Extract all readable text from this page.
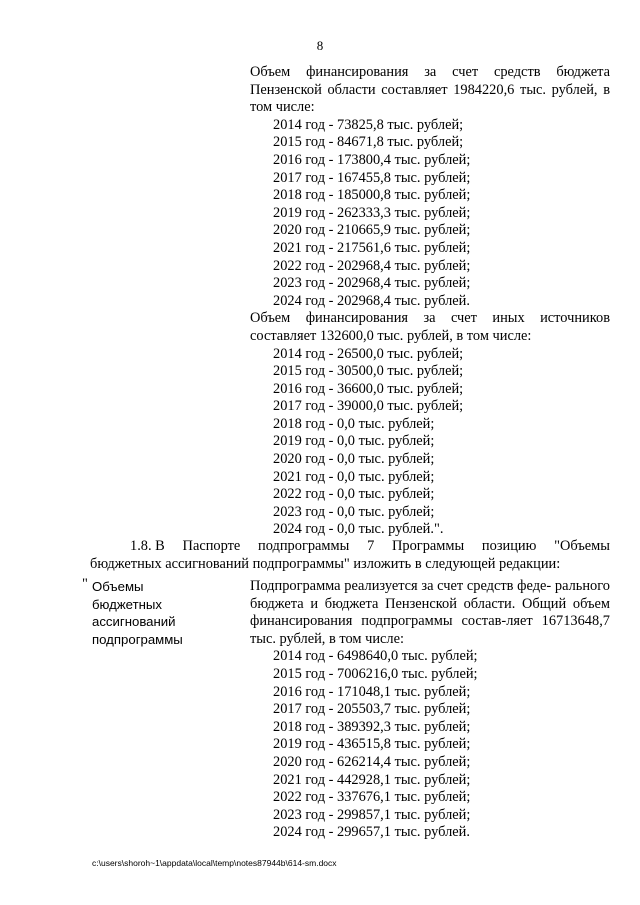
8
Объем финансирования за счет средств бюджета Пензенской области составляет 1984220,6 тыс. рублей, в том числе:
2014 год - 73825,8 тыс. рублей;
2015 год - 84671,8 тыс. рублей;
2016 год - 173800,4 тыс. рублей;
2017 год - 167455,8 тыс. рублей;
2018 год - 185000,8 тыс. рублей;
2019 год - 262333,3 тыс. рублей;
2020 год - 210665,9 тыс. рублей;
2021 год - 217561,6 тыс. рублей;
2022 год - 202968,4 тыс. рублей;
2023 год - 202968,4 тыс. рублей;
2024 год - 202968,4 тыс. рублей.
Объем финансирования за счет иных источников составляет 132600,0 тыс. рублей, в том числе:
2014 год - 26500,0 тыс. рублей;
2015 год - 30500,0 тыс. рублей;
2016 год - 36600,0 тыс. рублей;
2017 год - 39000,0 тыс. рублей;
2018 год - 0,0 тыс. рублей;
2019 год - 0,0 тыс. рублей;
2020 год - 0,0 тыс. рублей;
2021 год - 0,0 тыс. рублей;
2022 год - 0,0 тыс. рублей;
2023 год - 0,0 тыс. рублей;
2024 год - 0,0 тыс. рублей.".
1.8. В Паспорте подпрограммы 7 Программы позицию "Объемы
бюджетных ассигнований подпрограммы" изложить в следующей редакции:
" Объемы
бюджетных
ассигнований
подпрограммы
Подпрограмма реализуется за счет средств феде- рального бюджета и бюджета Пензенской области. Общий объем финансирования подпрограммы состав-ляет 16713648,7 тыс. рублей, в том числе:
2014 год - 6498640,0 тыс. рублей;
2015 год - 7006216,0 тыс. рублей;
2016 год - 171048,1 тыс. рублей;
2017 год - 205503,7 тыс. рублей;
2018 год - 389392,3 тыс. рублей;
2019 год - 436515,8 тыс. рублей;
2020 год - 626214,4 тыс. рублей;
2021 год - 442928,1 тыс. рублей;
2022 год - 337676,1 тыс. рублей;
2023 год - 299857,1 тыс. рублей;
2024 год - 299657,1 тыс. рублей.
c:\users\shoroh~1\appdata\local\temp\notes87944b\614-sm.docx
